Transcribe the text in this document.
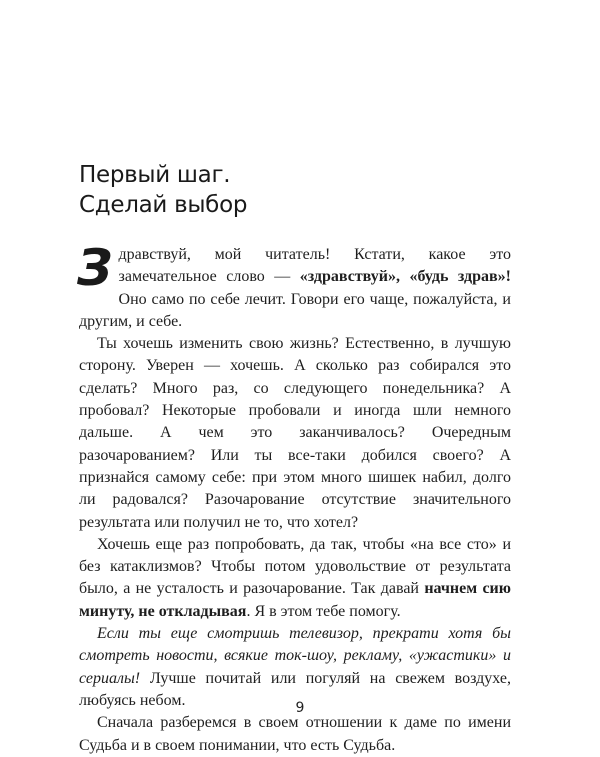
Первый шаг.
Сделай выбор

Здравствуй, мой читатель! Кстати, какое это замечательное слово — «здравствуй», «будь здрав»! Оно само по себе лечит. Говори его чаще, пожалуйста, и другим, и себе.

Ты хочешь изменить свою жизнь? Естественно, в лучшую сторону. Уверен — хочешь. А сколько раз собирался это сделать? Много раз, со следующего понедельника? А пробовал? Некоторые пробовали и иногда шли немного дальше. А чем это заканчивалось? Очередным разочарованием? Или ты все-таки добился своего? А признайся самому себе: при этом много шишек набил, долго ли радовался? Разочарование отсутствие значительного результата или получил не то, что хотел?

Хочешь еще раз попробовать, да так, чтобы «на все сто» и без катаклизмов? Чтобы потом удовольствие от результата было, а не усталость и разочарование. Так давай начнем сию минуту, не откладывая. Я в этом тебе помогу.

Если ты еще смотришь телевизор, прекрати хотя бы смотреть новости, всякие ток-шоу, рекламу, «ужастики» и сериалы! Лучше почитай или погуляй на свежем воздухе, любуясь небом.

Сначала разберемся в своем отношении к даме по имени Судьба и в своем понимании, что есть Судьба.

9
